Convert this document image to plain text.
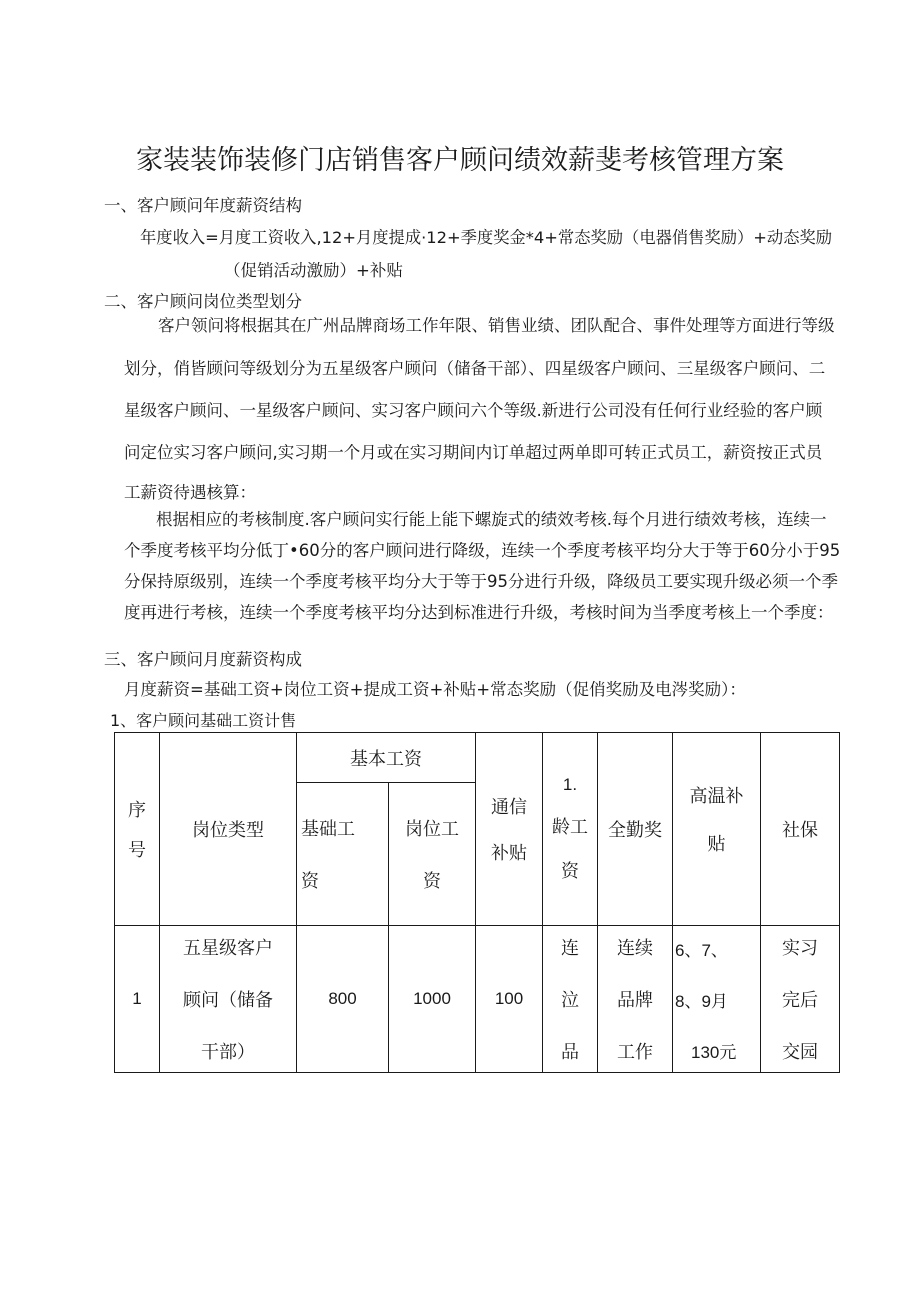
家装装饰装修门店销售客户顾问绩效薪斐考核管理方案
一、客户顾问年度薪资结构
年度收入=月度工资收入,12+月度提成·12+季度奖金*4+常态奖励（电器俏售奖励）+动态奖励
（促销活动激励）+补贴
二、客户顾问岗位类型划分
客户领问将根据其在广州品牌商场工作年限、销售业绩、团队配合、事件处理等方面进行等级
划分，俏皆顾问等级划分为五星级客户顾问（储备干部）、四星级客户顾问、三星级客户顾问、二
星级客户顾问、一星级客户顾问、实习客户顾问六个等级.新进行公司没有任何行业经验的客户顾
问定位实习客户顾问,实习期一个月或在实习期间内订单超过两单即可转正式员工，薪资按正式员
工薪资待遇核算：
根据相应的考核制度.客户顾问实行能上能下螺旋式的绩效考核.每个月进行绩效考核，连续一
个季度考核平均分低丁•60分的客户顾问进行降级，连续一个季度考核平均分大于等于60分小于95
分保持原级别，连续一个季度考核平均分大于等于95分进行升级，降级员工要实现升级必须一个季
度再进行考核，连续一个季度考核平均分达到标准进行升级，考核时间为当季度考核上一个季度：
三、客户顾问月度薪资构成
月度薪资=基础工资+岗位工资+提成工资+补贴+常态奖励（促俏奖励及电涔奖励）：
1、客户顾问基础工资计售
序
号	岗位类型	基本工资		通信
补贴	1.
龄工
资	全勤奖	高温补
贴	社保

		基础工
资	岗位工
资					

1	五星级客户
顾问（储备
干部）	800	1000	100	连
泣
品	连续
品牌
工作	6、7、
8、9月
130元	实习
完后
交园
